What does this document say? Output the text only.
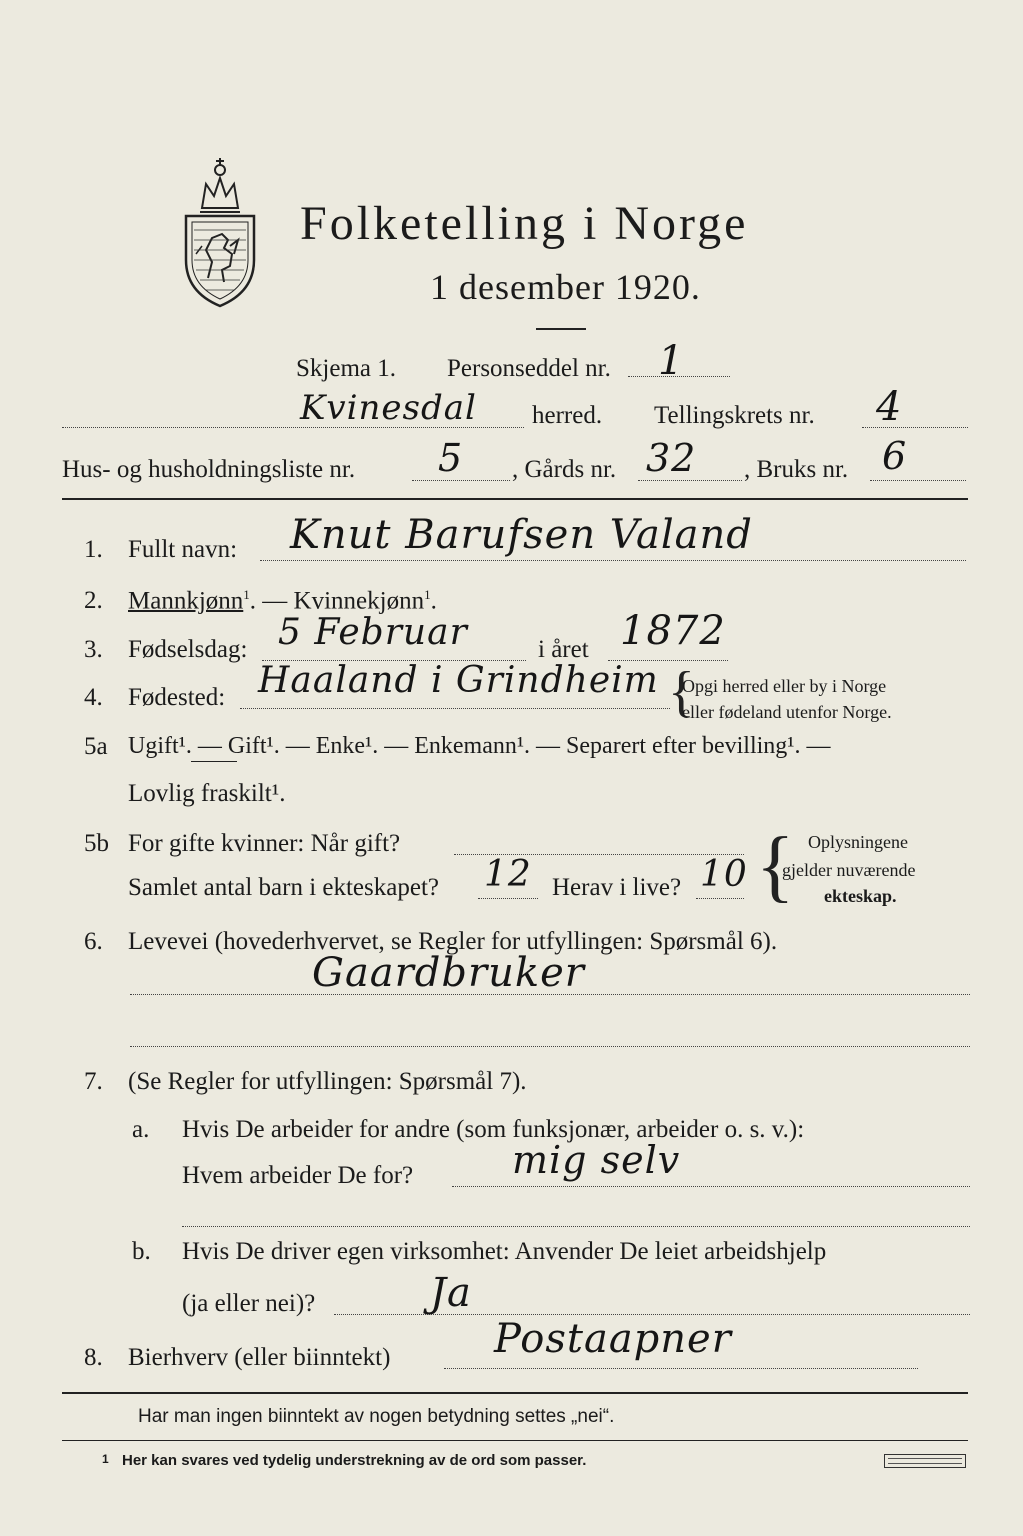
Folketelling i Norge
1 desember 1920.
Skjema 1. Personseddel nr. 1
Kvinesdal herred. Tellingskrets nr. 4
Hus- og husholdningsliste nr. 5 , Gårds nr. 32 , Bruks nr. 6
1. Fullt navn: Knut Barufsen Valand
2. Mannkjønn$^1$. — Kvinnekjønn$^1$.
3. Fødselsdag: 5 Februar	i året 1872
4. Fødested: Haaland i Grindheim {
Opgi herred eller by i Norge
eller fødeland utenfor Norge.
5a Ugift¹. — Gift¹. — Enke¹. — Enkemann¹. — Separert efter bevilling¹. —
Lovlig fraskilt¹.
5b For gifte kvinner: Når gift?
Samlet antal barn i ekteskapet? 12 Herav i live? 10 { Oplysningene
gjelder nuværende
ekteskap.
6. Levevei (hovederhvervet, se Regler for utfyllingen: Spørsmål 6).
Gaardbruker
7. (Se Regler for utfyllingen: Spørsmål 7).
a. Hvis De arbeider for andre (som funksjonær, arbeider o. s. v.):
Hvem arbeider De for?	mig selv
b. Hvis De driver egen virksomhet: Anvender De leiet arbeidshjelp
(ja eller nei)?	Ja
8. Bierhverv (eller biinntekt)	Postaapner
Har man ingen biinntekt av nogen betydning settes „nei“.
1 Her kan svares ved tydelig understrekning av de ord som passer.
